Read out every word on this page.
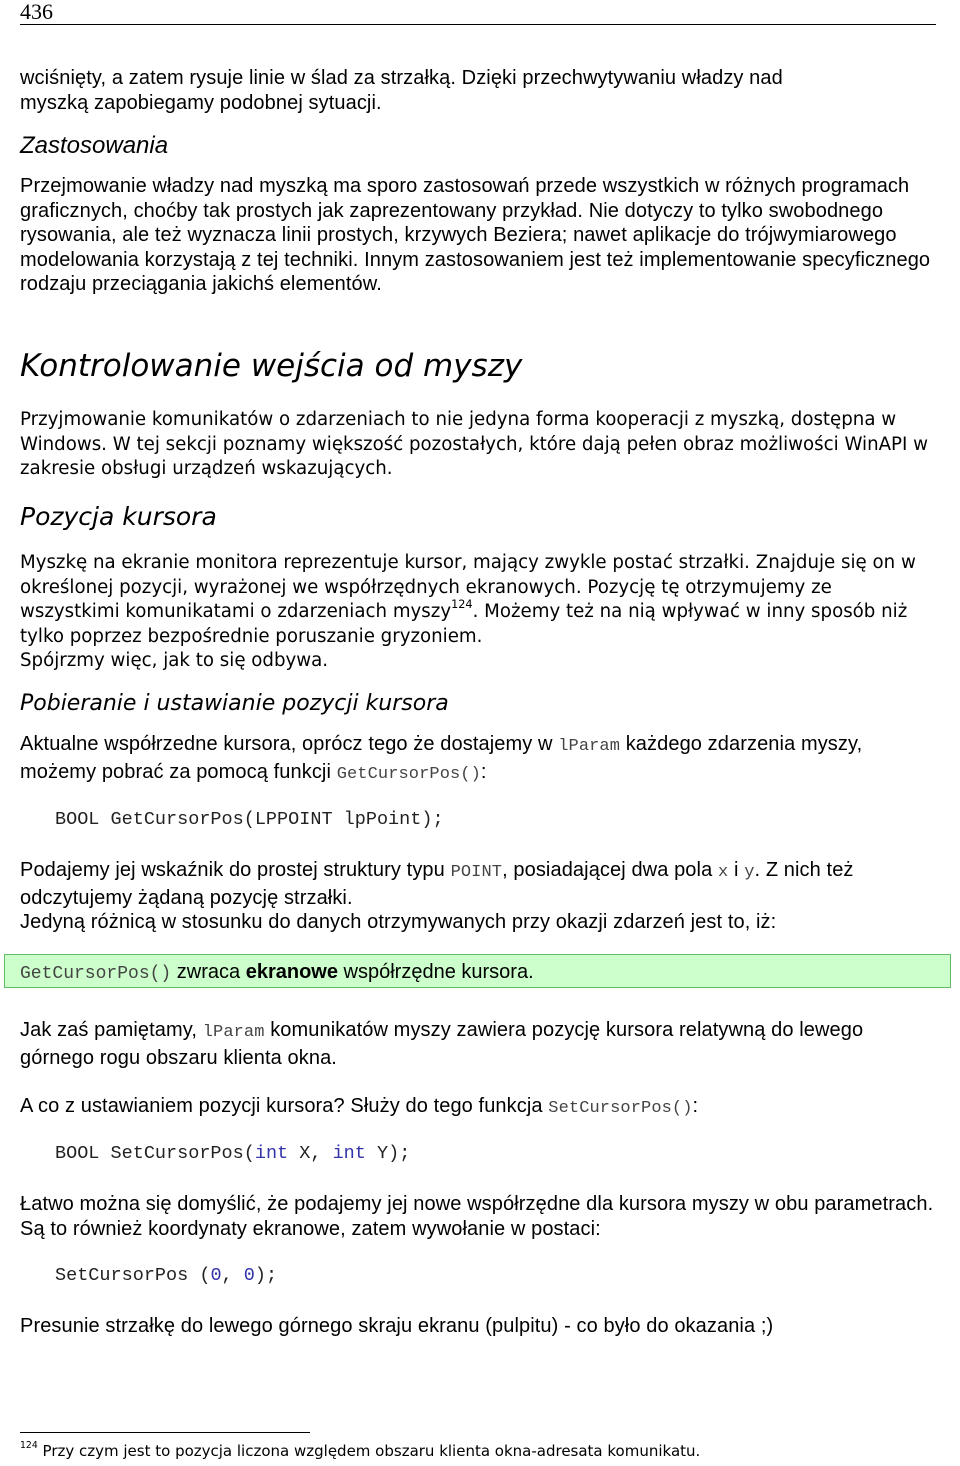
436
wciśnięty, a zatem rysuje linie w ślad za strzałką. Dzięki przechwytywaniu władzy nad
myszką zapobiegamy podobnej sytuacji.
Zastosowania
Przejmowanie władzy nad myszką ma sporo zastosowań przede wszystkich w różnych programach graficznych, choćby tak prostych jak zaprezentowany przykład. Nie dotyczy to tylko swobodnego rysowania, ale też wyznacza linii prostych, krzywych Beziera; nawet aplikacje do trójwymiarowego modelowania korzystają z tej techniki. Innym zastosowaniem jest też implementowanie specyficznego rodzaju przeciągania jakichś elementów.
Kontrolowanie wejścia od myszy
Przyjmowanie komunikatów o zdarzeniach to nie jedyna forma kooperacji z myszką, dostępna w Windows. W tej sekcji poznamy większość pozostałych, które dają pełen obraz możliwości WinAPI w zakresie obsługi urządzeń wskazujących.
Pozycja kursora
Myszkę na ekranie monitora reprezentuje kursor, mający zwykle postać strzałki. Znajduje się on w określonej pozycji, wyrażonej we współrzędnych ekranowych. Pozycję tę otrzymujemy ze wszystkimi komunikatami o zdarzeniach myszy$^{124}$. Możemy też na nią wpływać w inny sposób niż tylko poprzez bezpośrednie poruszanie gryzoniem.
Spójrzmy więc, jak to się odbywa.
Pobieranie i ustawianie pozycji kursora
Aktualne współrzedne kursora, oprócz tego że dostajemy w lParam każdego zdarzenia myszy, możemy pobrać za pomocą funkcji GetCursorPos():
BOOL GetCursorPos(LPPOINT lpPoint);
Podajemy jej wskaźnik do prostej struktury typu POINT, posiadającej dwa pola x i y. Z nich też odczytujemy żądaną pozycję strzałki.
Jedyną różnicą w stosunku do danych otrzymywanych przy okazji zdarzeń jest to, iż:
GetCursorPos() zwraca ekranowe współrzędne kursora.
Jak zaś pamiętamy, lParam komunikatów myszy zawiera pozycję kursora relatywną do lewego górnego rogu obszaru klienta okna.
A co z ustawianiem pozycji kursora? Służy do tego funkcja SetCursorPos():
BOOL SetCursorPos(int X, int Y);
Łatwo można się domyślić, że podajemy jej nowe współrzędne dla kursora myszy w obu parametrach. Są to również koordynaty ekranowe, zatem wywołanie w postaci:
SetCursorPos (0, 0);
Presunie strzałkę do lewego górnego skraju ekranu (pulpitu) - co było do okazania ;)
$^{124}$ Przy czym jest to pozycja liczona względem obszaru klienta okna-adresata komunikatu.
